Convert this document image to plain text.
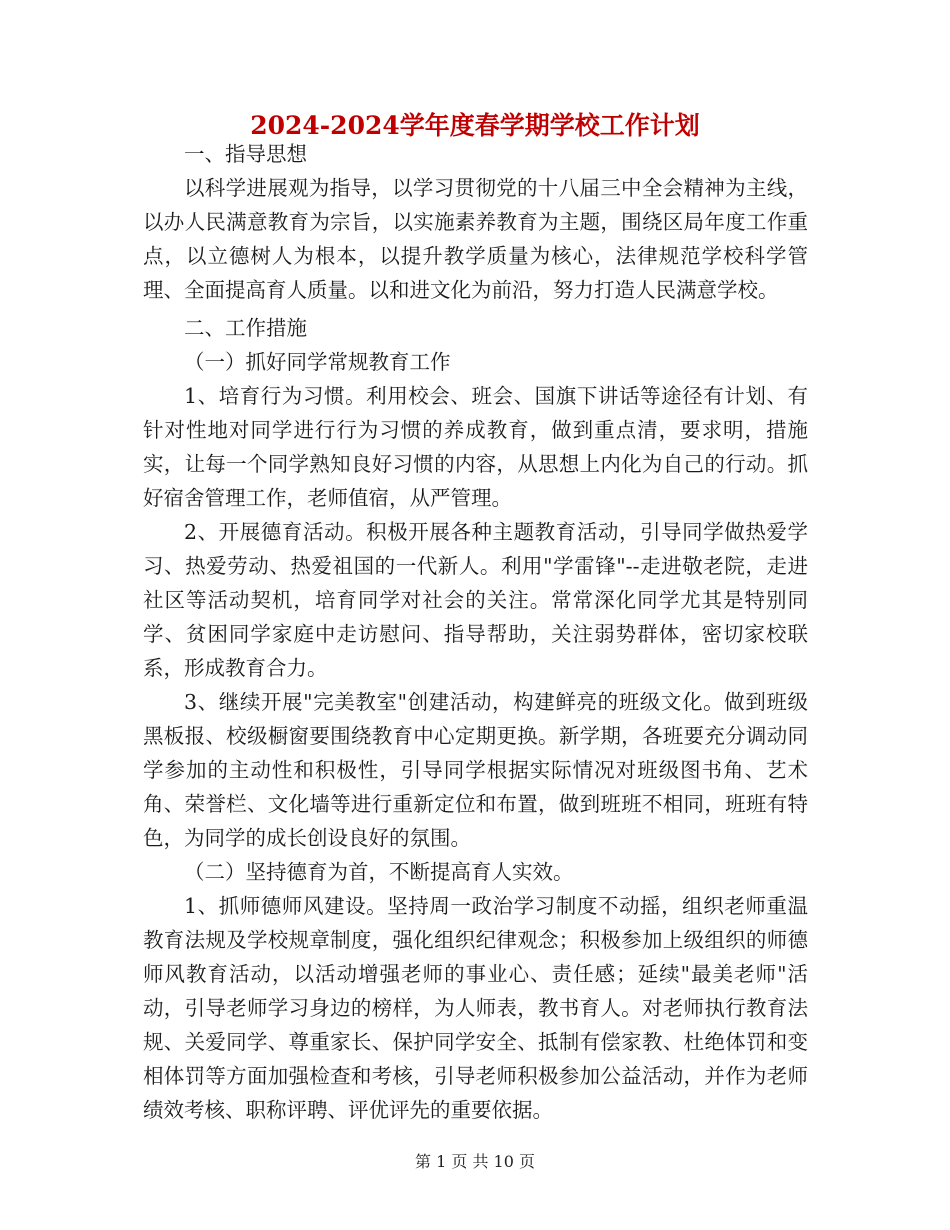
2024-2024学年度春学期学校工作计划

一、指导思想

以科学进展观为指导，以学习贯彻党的十八届三中全会精神为主线，以办人民满意教育为宗旨，以实施素养教育为主题，围绕区局年度工作重点，以立德树人为根本，以提升教学质量为核心，法律规范学校科学管理、全面提高育人质量。以和进文化为前沿，努力打造人民满意学校。

二、工作措施

（一）抓好同学常规教育工作

1、培育行为习惯。利用校会、班会、国旗下讲话等途径有计划、有针对性地对同学进行行为习惯的养成教育，做到重点清，要求明，措施实，让每一个同学熟知良好习惯的内容，从思想上内化为自己的行动。抓好宿舍管理工作，老师值宿，从严管理。

2、开展德育活动。积极开展各种主题教育活动，引导同学做热爱学习、热爱劳动、热爱祖国的一代新人。利用"学雷锋"--走进敬老院，走进社区等活动契机，培育同学对社会的关注。常常深化同学尤其是特别同学、贫困同学家庭中走访慰问、指导帮助，关注弱势群体，密切家校联系，形成教育合力。

3、继续开展"完美教室"创建活动，构建鲜亮的班级文化。做到班级黑板报、校级橱窗要围绕教育中心定期更换。新学期，各班要充分调动同学参加的主动性和积极性，引导同学根据实际情况对班级图书角、艺术角、荣誉栏、文化墙等进行重新定位和布置，做到班班不相同，班班有特色，为同学的成长创设良好的氛围。

（二）坚持德育为首，不断提高育人实效。

1、抓师德师风建设。坚持周一政治学习制度不动摇，组织老师重温教育法规及学校规章制度，强化组织纪律观念；积极参加上级组织的师德师风教育活动，以活动增强老师的事业心、责任感；延续"最美老师"活动，引导老师学习身边的榜样，为人师表，教书育人。对老师执行教育法规、关爱同学、尊重家长、保护同学安全、抵制有偿家教、杜绝体罚和变相体罚等方面加强检查和考核，引导老师积极参加公益活动，并作为老师绩效考核、职称评聘、评优评先的重要依据。

第 1 页 共 10 页
